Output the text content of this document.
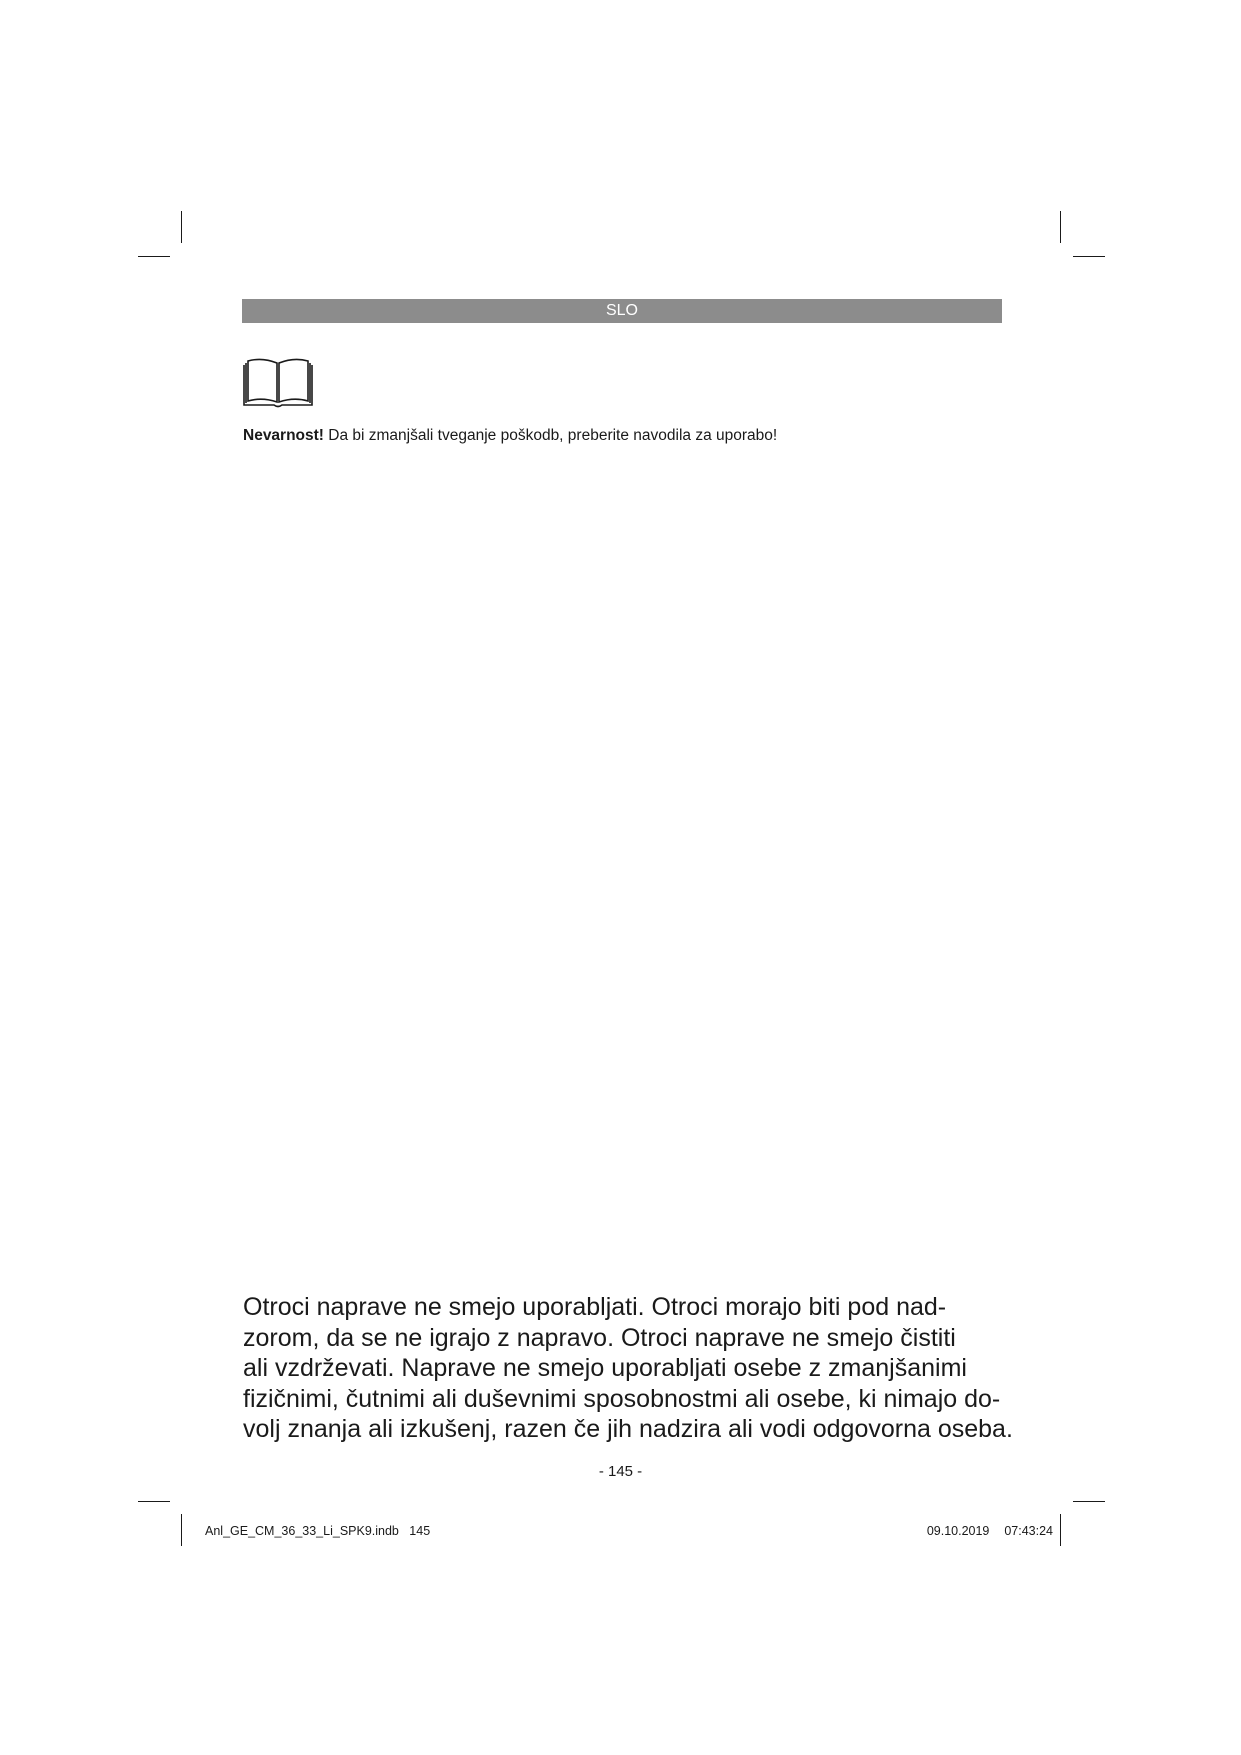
SLO
Nevarnost! Da bi zmanjšali tveganje poškodb, preberite navodila za uporabo!
Otroci naprave ne smejo uporabljati. Otroci morajo biti pod nad-
zorom, da se ne igrajo z napravo. Otroci naprave ne smejo čistiti
ali vzdrževati. Naprave ne smejo uporabljati osebe z zmanjšanimi
fizičnimi, čutnimi ali duševnimi sposobnostmi ali osebe, ki nimajo do-
volj znanja ali izkušenj, razen če jih nadzira ali vodi odgovorna oseba.
- 145 -
Anl_GE_CM_36_33_Li_SPK9.indb   145	09.10.2019  07:43:24
